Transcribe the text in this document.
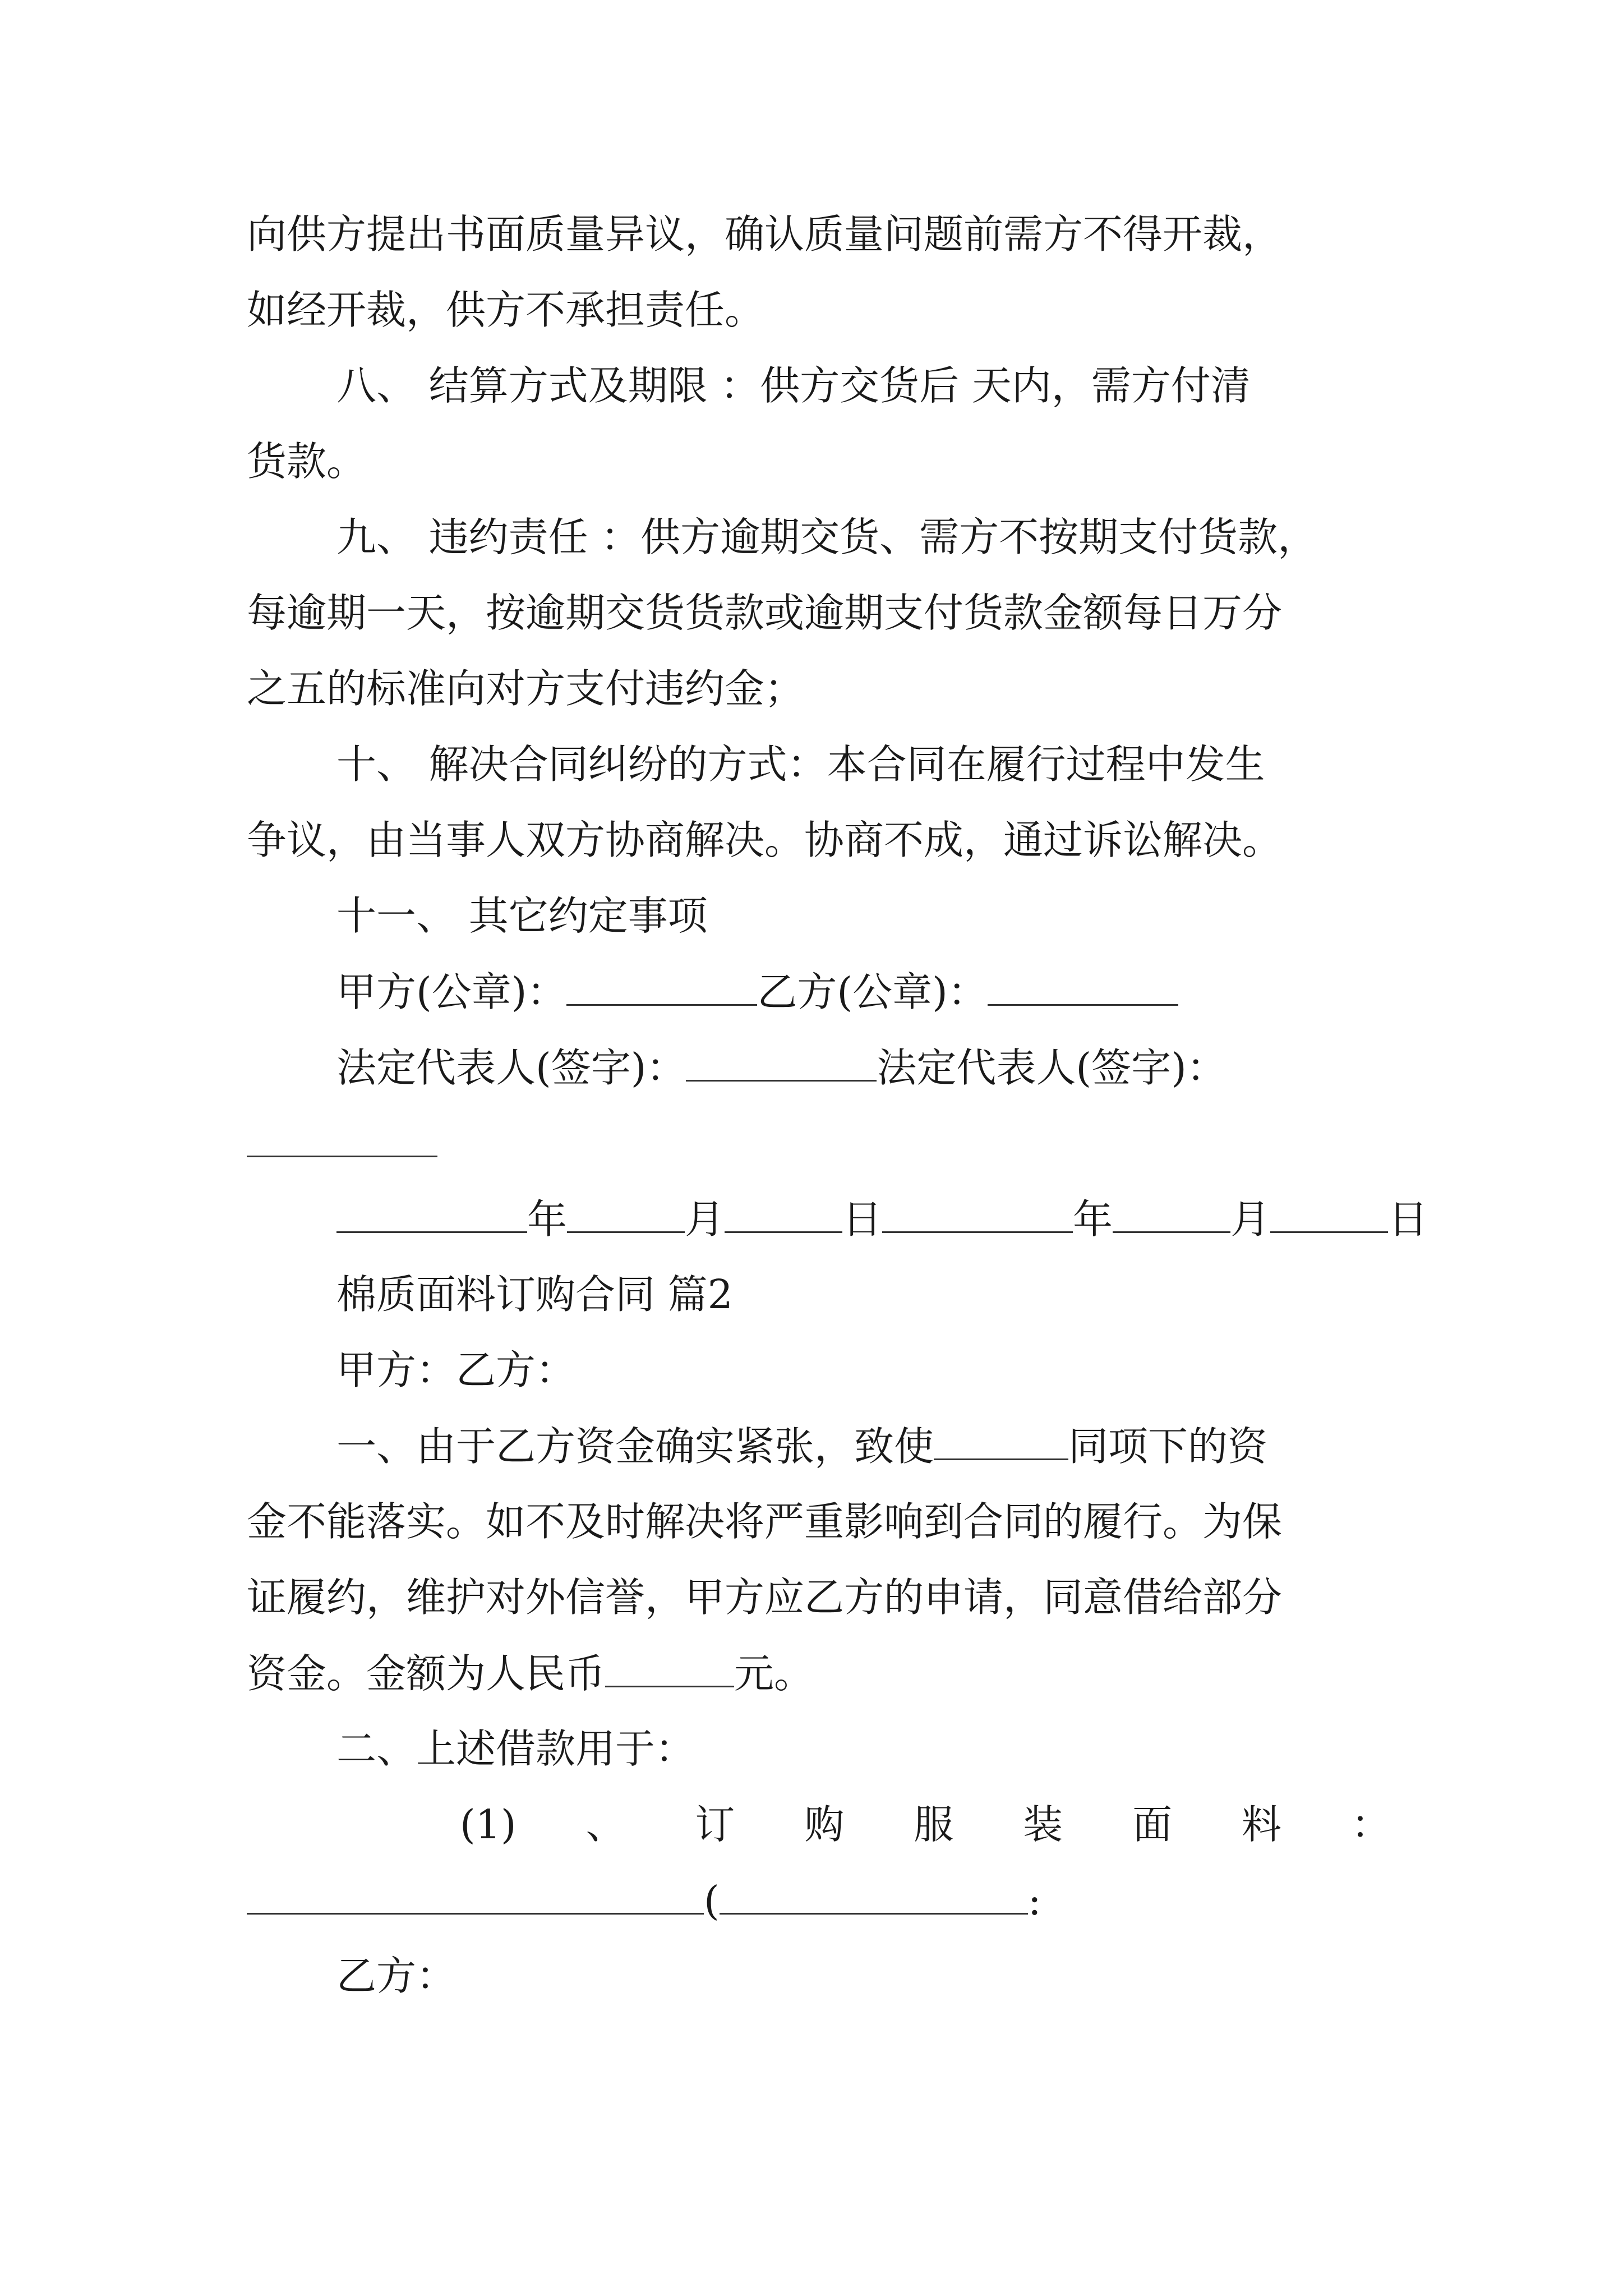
向供方提出书面质量异议，确认质量问题前需方不得开裁，
如经开裁，供方不承担责任。
八、 结算方式及期限 ：供方交货后 天内，需方付清
货款。
九、 违约责任 ：供方逾期交货、需方不按期支付货款，
每逾期一天，按逾期交货货款或逾期支付货款金额每日万分
之五的标准向对方支付违约金；
十、 解决合同纠纷的方式：本合同在履行过程中发生
争议，由当事人双方协商解决。协商不成，通过诉讼解决。
十一、 其它约定事项
甲方(公章)：	乙方(公章)：
法定代表人(签字)：	法定代表人(签字)：
年	月	日	年	月	日
棉质面料订购合同 篇2
甲方：乙方：
一、由于乙方资金确实紧张，致使	同项下的资
金不能落实。如不及时解决将严重影响到合同的履行。为保
证履约，维护对外信誉，甲方应乙方的申请，同意借给部分
资金。金额为人民币	元。
二、上述借款用于：
(1) 、 订 购 服 装 面 料 ：
(	:
乙方：
